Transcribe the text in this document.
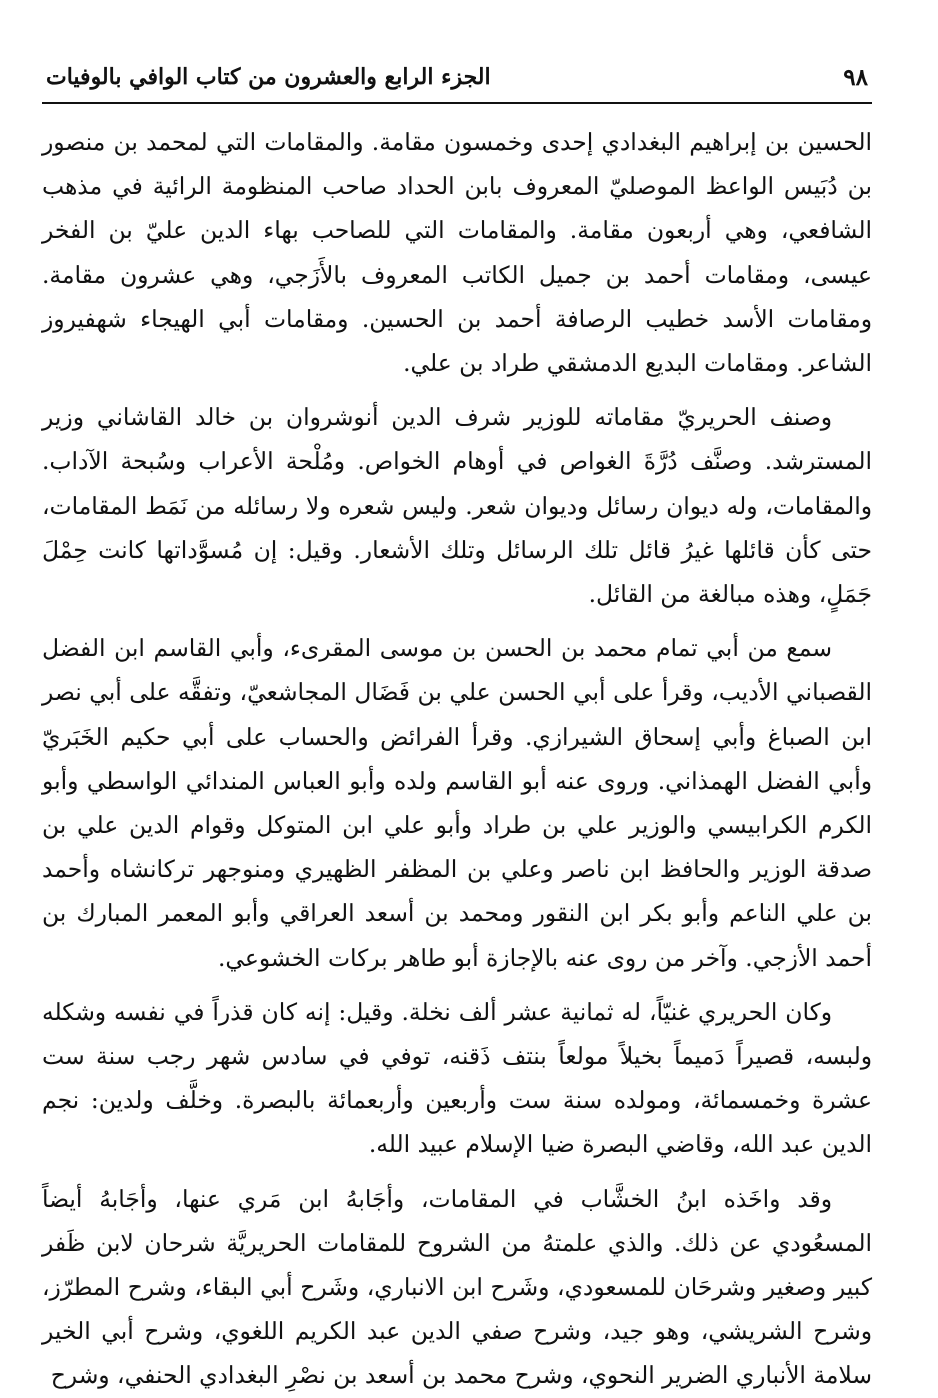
٩٨
الجزء الرابع والعشرون من كتاب الوافي بالوفيات

الحسين بن إبراهيم البغدادي إحدى وخمسون مقامة. والمقامات التي لمحمد بن منصور بن دُبَيس الواعظ الموصليّ المعروف بابن الحداد صاحب المنظومة الرائية في مذهب الشافعي، وهي أربعون مقامة. والمقامات التي للصاحب بهاء الدين عليّ بن الفخر عيسى، ومقامات أحمد بن جميل الكاتب المعروف بالأَزَجي، وهي عشرون مقامة. ومقامات الأسد خطيب الرصافة أحمد بن الحسين. ومقامات أبي الهيجاء شهفيروز الشاعر. ومقامات البديع الدمشقي طراد بن علي.

وصنف الحريريّ مقاماته للوزير شرف الدين أنوشروان بن خالد القاشاني وزير المسترشد. وصنَّف دُرَّةَ الغواص في أوهام الخواص. ومُلْحة الأعراب وسُبحة الآداب. والمقامات، وله ديوان رسائل وديوان شعر. وليس شعره ولا رسائله من نَمَط المقامات، حتى كأن قائلها غيرُ قائل تلك الرسائل وتلك الأشعار. وقيل: إن مُسوَّداتها كانت حِمْلَ جَمَلٍ، وهذه مبالغة من القائل.

سمع من أبي تمام محمد بن الحسن بن موسى المقرىء، وأبي القاسم ابن الفضل القصباني الأديب، وقرأ على أبي الحسن علي بن فَضَال المجاشعيّ، وتفقَّه على أبي نصر ابن الصباغ وأبي إسحاق الشيرازي. وقرأ الفرائض والحساب على أبي حكيم الخَبَريّ وأبي الفضل الهمذاني. وروى عنه أبو القاسم ولده وأبو العباس المندائي الواسطي وأبو الكرم الكرابيسي والوزير علي بن طراد وأبو علي ابن المتوكل وقوام الدين علي بن صدقة الوزير والحافظ ابن ناصر وعلي بن المظفر الظهيري ومنوجهر تركانشاه وأحمد بن علي الناعم وأبو بكر ابن النقور ومحمد بن أسعد العراقي وأبو المعمر المبارك بن أحمد الأزجي. وآخر من روى عنه بالإجازة أبو طاهر بركات الخشوعي.

وكان الحريري غنيّاً، له ثمانية عشر ألف نخلة. وقيل: إنه كان قذراً في نفسه وشكله ولبسه، قصيراً دَميماً بخيلاً مولعاً بنتف ذَقنه، توفي في سادس شهر رجب سنة ست عشرة وخمسمائة، ومولده سنة ست وأربعين وأربعمائة بالبصرة. وخلَّف ولدين: نجم الدين عبد الله، وقاضي البصرة ضيا الإسلام عبيد الله.

وقد واخَذه ابنُ الخشَّاب في المقامات، وأجَابهُ ابن مَري عنها، وأجَابهُ أيضاً المسعُودي عن ذلك. والذي علمتهُ من الشروح للمقامات الحريريَّة شرحان لابن ظَفر كبير وصغير وشرحَان للمسعودي، وشَرح ابن الانباري، وشَرح أبي البقاء، وشرح المطرّز، وشرح الشريشي، وهو جيد، وشرح صفي الدين عبد الكريم اللغوي، وشرح أبي الخير سلامة الأنباري الضرير النحوي، وشرح محمد بن أسعد بن نصْرِ البغدادي الحنفي، وشرح
